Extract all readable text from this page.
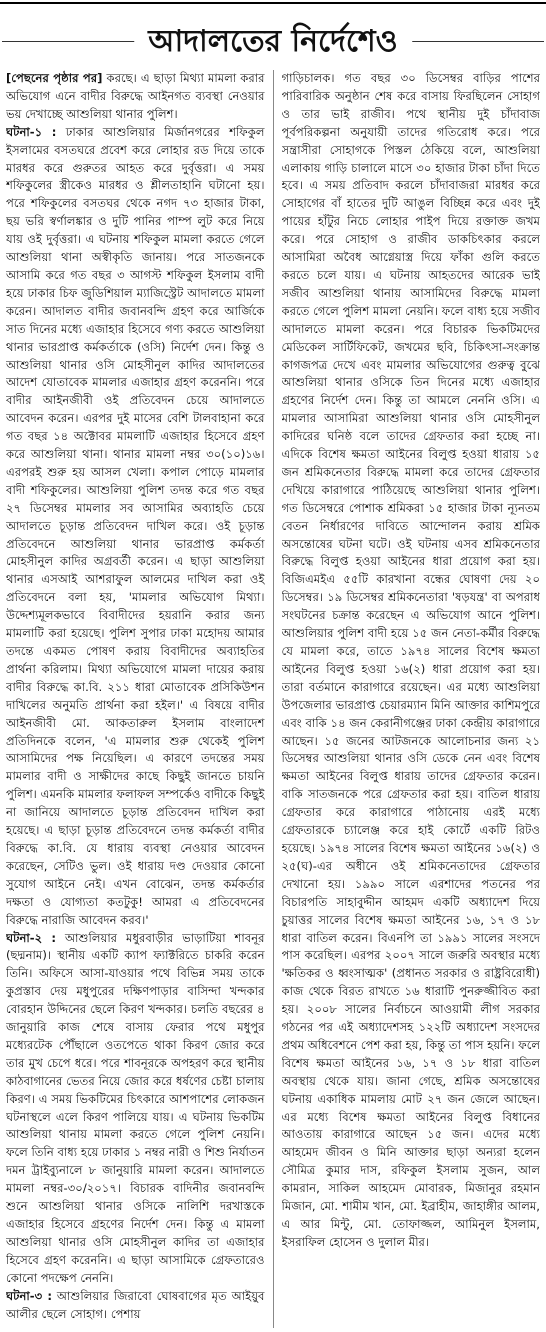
আদালতের নির্দেশেও

[পেছনের পৃষ্ঠার পর] করছে। এ ছাড়া মিথ্যা মামলা করার অভিযোগ এনে বাদীর বিরুদ্ধে আইনগত ব্যবস্থা নেওয়ার ভয় দেখাচ্ছে আশুলিয়া থানার পুলিশ।

ঘটনা-১ : ঢাকার আশুলিয়ার মির্জানগরের শফিকুল ইসলামের বসতঘরে প্রবেশ করে লোহার রড দিয়ে তাকে মারধর করে গুরুতর আহত করে দুর্বৃত্তরা। এ সময় শফিকুলের স্ত্রীকেও মারধর ও শ্লীলতাহানি ঘটানো হয়। পরে শফিকুলের বসতঘর থেকে নগদ ৭৩ হাজার টাকা, ছয় ভরি স্বর্ণালঙ্কার ও দুটি পানির পাম্প লুট করে নিয়ে যায় ওই দুর্বৃত্তরা। এ ঘটনায় শফিকুল মামলা করতে গেলে আশুলিয়া থানা অস্বীকৃতি জানায়। পরে সাতজনকে আসামি করে গত বছর ৩ আগস্ট শফিকুল ইসলাম বাদী হয়ে ঢাকার চিফ জুডিশিয়াল ম্যাজিস্ট্রেট আদালতে মামলা করেন। আদালত বাদীর জবানবন্দি গ্রহণ করে আর্জিকে সাত দিনের মধ্যে এজাহার হিসেবে গণ্য করতে আশুলিয়া থানার ভারপ্রাপ্ত কর্মকর্তাকে (ওসি) নির্দেশ দেন। কিন্তু ও আশুলিয়া থানার ওসি মোহসীনুল কাদির আদালতের আদেশ যোতাবেক মামলার এজাহার গ্রহণ করেননি। পরে বাদীর আইনজীবী ওই প্রতিবেদন চেয়ে আদালতে আবেদন করেন। এরপর দুই মাসের বেশি টালবাহানা করে গত বছর ১৪ অক্টোবর মামলাটি এজাহার হিসেবে গ্রহণ করে আশুলিয়া থানা। থানার মামলা নম্বর ৩০(১০)১৬। এরপরই শুরু হয় আসল খেলা। কপাল পোড়ে মামলার বাদী শফিকুলের। আশুলিয়া পুলিশ তদন্ত করে গত বছর ২৭ ডিসেম্বর মামলার সব আসামির অব্যাহতি চেয়ে আদালতে চূড়ান্ত প্রতিবেদন দাখিল করে। ওই চূড়ান্ত প্রতিবেদনে আশুলিয়া থানার ভারপ্রাপ্ত কর্মকর্তা মোহসীনুল কাদির অগ্রবর্তী করেন। এ ছাড়া আশুলিয়া থানার এসআই আশরাফুল আলমের দাখিল করা ওই প্রতিবেদনে বলা হয়, 'মামলার অভিযোগ মিথ্যা। উদ্দেশ্যমূলকভাবে বিবাদীদের হয়রানি করার জন্য মামলাটি করা হয়েছে। পুলিশ সুপার ঢাকা মহোদয় আমার তদন্তে একমত পোষণ করায় বিবাদীদের অব্যাহতির প্রার্থনা করিলাম। মিথ্যা অভিযোগে মামলা দায়ের করায় বাদীর বিরুদ্ধে কা.বি. ২১১ ধারা মোতাবেক প্রসিকিউশন দাখিলের অনুমতি প্রার্থনা করা হইল।' এ বিষয়ে বাদীর আইনজীবী মো. আকতারুল ইসলাম বাংলাদেশ প্রতিদিনকে বলেন, 'এ মামলার শুরু থেকেই পুলিশ আসামিদের পক্ষ নিয়েছিল। এ কারণে তদন্তের সময় মামলার বাদী ও সাক্ষীদের কাছে কিছুই জানতে চায়নি পুলিশ। এমনকি মামলার ফলাফল সম্পর্কেও বাদীকে কিছুই না জানিয়ে আদালতে চূড়ান্ত প্রতিবেদন দাখিল করা হয়েছে। এ ছাড়া চূড়ান্ত প্রতিবেদনে তদন্ত কর্মকর্তা বাদীর বিরুদ্ধে কা.বি. যে ধারায় ব্যবস্থা নেওয়ার আবেদন করেছেন, সেটিও ভুল। ওই ধারায় দণ্ড দেওয়ার কোনো সুযোগ আইনে নেই। এখন বোঝেন, তদন্ত কর্মকর্তার দক্ষতা ও যোগ্যতা কতটুকু! আমরা এ প্রতিবেদনের বিরুদ্ধে নারাজি আবেদন করব।'

ঘটনা-২ : আশুলিয়ার মধুরবাড়ীর ভাড়াটিয়া শাবনূর (ছদ্মনাম)। স্থানীয় একটি ক্যাপ ফ্যাক্টরিতে চাকরি করেন তিনি। অফিসে আসা-যাওয়ার পথে বিভিন্ন সময় তাকে কুপ্রস্তাব দেয় মধুপুরের দক্ষিণপাড়ার বাসিন্দা খন্দকার বোরহান উদ্দিনের ছেলে কিরণ খন্দকার। চলতি বছরের ৪ জানুয়ারি কাজ শেষে বাসায় ফেরার পথে মধুপুর মধ্যেরটেক পৌঁছালে ওতপেতে থাকা কিরণ জোর করে তার মুখ চেপে ধরে। পরে শাবনূরকে অপহরণ করে স্থানীয় কাঠবাগানের ভেতর নিয়ে জোর করে ধর্ষণের চেষ্টা চালায় কিরণ। এ সময় ভিকটিমের চিৎকারে আশপাশের লোকজন ঘটনাস্থলে এলে কিরণ পালিয়ে যায়। এ ঘটনায় ভিকটিম আশুলিয়া থানায় মামলা করতে গেলে পুলিশ নেয়নি। ফলে তিনি বাধ্য হয়ে ঢাকার ১ নম্বর নারী ও শিশু নির্যাতন দমন ট্রাইব্যুনালে ৮ জানুয়ারি মামলা করেন। আদালতে মামলা নম্বর-৩০/২০১৭। বিচারক বাদিনীর জবানবন্দি শুনে আশুলিয়া থানার ওসিকে নালিশি দরখাস্তকে এজাহার হিসেবে গ্রহণের নির্দেশ দেন। কিন্তু এ মামলা আশুলিয়া থানার ওসি মোহসীনুল কাদির তা এজাহার হিসেবে গ্রহণ করেননি। এ ছাড়া আসামিকে গ্রেফতারেও কোনো পদক্ষেপ নেননি।

ঘটনা-৩ : আশুলিয়ার জিরাবো ঘোষবাগের মৃত আইয়ুব আলীর ছেলে সোহাগ। পেশায়

গাড়িচালক। গত বছর ৩০ ডিসেম্বর বাড়ির পাশের পারিবারিক অনুষ্ঠান শেষ করে বাসায় ফিরছিলেন সোহাগ ও তার ভাই রাজীব। পথে স্থানীয় দুই চাঁদাবাজ পূর্বপরিকল্পনা অনুযায়ী তাদের গতিরোধ করে। পরে সন্ত্রাসীরা সোহাগকে পিস্তল ঠেকিয়ে বলে, আশুলিয়া এলাকায় গাড়ি চালালে মাসে ৩০ হাজার টাকা চাঁদা দিতে হবে। এ সময় প্রতিবাদ করলে চাঁদাবাজরা মারধর করে সোহাগের বাঁ হাতের দুটি আঙুল বিচ্ছিন্ন করে এবং দুই পায়ের হাঁটুর নিচে লোহার পাইপ দিয়ে রক্তাক্ত জখম করে। পরে সোহাগ ও রাজীব ডাকচিৎকার করলে আসামিরা অবৈধ আগ্নেয়াস্ত্র দিয়ে ফাঁকা গুলি করতে করতে চলে যায়। এ ঘটনায় আহতদের আরেক ভাই সজীব আশুলিয়া থানায় আসামিদের বিরুদ্ধে মামলা করতে গেলে পুলিশ মামলা নেয়নি। ফলে বাধ্য হয়ে সজীব আদালতে মামলা করেন। পরে বিচারক ভিকটিমদের মেডিকেল সার্টিফিকেট, জখমের ছবি, চিকিৎসা-সংক্রান্ত কাগজপত্র দেখে এবং মামলার অভিযোগের গুরুত্ব বুঝে আশুলিয়া থানার ওসিকে তিন দিনের মধ্যে এজাহার গ্রহণের নির্দেশ দেন। কিন্তু তা আমলে নেননি ওসি। এ মামলার আসামিরা আশুলিয়া থানার ওসি মোহসীনুল কাদিরের ঘনিষ্ঠ বলে তাদের গ্রেফতার করা হচ্ছে না। এদিকে বিশেষ ক্ষমতা আইনের বিলুপ্ত হওয়া ধারায় ১৫ জন শ্রমিকনেতার বিরুদ্ধে মামলা করে তাদের গ্রেফতার দেখিয়ে কারাগারে পাঠিয়েছে আশুলিয়া থানার পুলিশ। গত ডিসেম্বরে পোশাক শ্রমিকরা ১৫ হাজার টাকা ন্যূনতম বেতন নির্ধারণের দাবিতে আন্দোলন করায় শ্রমিক অসন্তোষের ঘটনা ঘটে। ওই ঘটনায় এসব শ্রমিকনেতার বিরুদ্ধে বিলুপ্ত হওয়া আইনের ধারা প্রয়োগ করা হয়। বিজিএমইএ ৫৫টি কারখানা বন্ধের ঘোষণা দেয় ২০ ডিসেম্বর। ১৯ ডিসেম্বর শ্রমিকনেতারা 'ষড়যন্ত্র' বা অপরাধ সংঘটনের চক্রান্ত করেছেন এ অভিযোগ আনে পুলিশ। আশুলিয়ার পুলিশ বাদী হয়ে ১৫ জন নেতা-কর্মীর বিরুদ্ধে যে মামলা করে, তাতে ১৯৭৪ সালের বিশেষ ক্ষমতা আইনের বিলুপ্ত হওয়া ১৬(২) ধারা প্রয়োগ করা হয়। তারা বর্তমানে কারাগারে রয়েছেন। এর মধ্যে আশুলিয়া উপজেলার ভারপ্রাপ্ত চেয়ারম্যান মিনি আক্তার কাশিমপুরে এবং বাকি ১৪ জন কেরানীগঞ্জের ঢাকা কেন্দ্রীয় কারাগারে আছেন। ১৫ জনের আটজনকে আলোচনার জন্য ২১ ডিসেম্বর আশুলিয়া থানার ওসি ডেকে নেন এবং বিশেষ ক্ষমতা আইনের বিলুপ্ত ধারায় তাদের গ্রেফতার করেন। বাকি সাতজনকে পরে গ্রেফতার করা হয়। বাতিল ধারায় গ্রেফতার করে কারাগারে পাঠানোয় এরই মধ্যে গ্রেফতারকে চ্যালেঞ্জ করে হাই কোর্টে একটি রিটও হয়েছে। ১৯৭৪ সালের বিশেষ ক্ষমতা আইনের ১৬(২) ও ২৫(ঘ)-এর অধীনে ওই শ্রমিকনেতাদের গ্রেফতার দেখানো হয়। ১৯৯০ সালে এরশাদের পতনের পর বিচারপতি সাহাবুদ্দীন আহমদ একটি অধ্যাদেশ দিয়ে চুয়াত্তর সালের বিশেষ ক্ষমতা আইনের ১৬, ১৭ ও ১৮ ধারা বাতিল করেন। বিএনপি তা ১৯৯১ সালের সংসদে পাস করেছিল। এরপর ২০০৭ সালে জরুরি অবস্থার মধ্যে 'ক্ষতিকর ও ধ্বংসাত্মক' (প্রধানত সরকার ও রাষ্ট্রবিরোধী) কাজ থেকে বিরত রাখতে ১৬ ধারাটি পুনরুজ্জীবিত করা হয়। ২০০৮ সালের নির্বাচনে আওয়ামী লীগ সরকার গঠনের পর এই অধ্যাদেশসহ ১২২টি অধ্যাদেশ সংসদের প্রথম অধিবেশনে পেশ করা হয়, কিন্তু তা পাস হয়নি। ফলে বিশেষ ক্ষমতা আইনের ১৬, ১৭ ও ১৮ ধারা বাতিল অবস্থায় থেকে যায়। জানা গেছে, শ্রমিক অসন্তোষের ঘটনায় একাধিক মামলায় মোট ২৭ জন জেলে আছেন। এর মধ্যে বিশেষ ক্ষমতা আইনের বিলুপ্ত বিধানের আওতায় কারাগারে আছেন ১৫ জন। এদের মধ্যে আহমেদ জীবন ও মিনি আক্তার ছাড়া অন্যরা হলেন সৌমিত্র কুমার দাস, রফিকুল ইসলাম সুজন, আল কামরান, সাকিল আহমেদ মোবারক, মিজানুর রহমান মিজান, মো. শামীম খান, মো. ইব্রাহীম, জাহাঙ্গীর আলম, এ আর মিন্টু, মো. তোফাজ্জল, আমিনুল ইসলাম, ইসরাফিল হোসেন ও দুলাল মীর।
